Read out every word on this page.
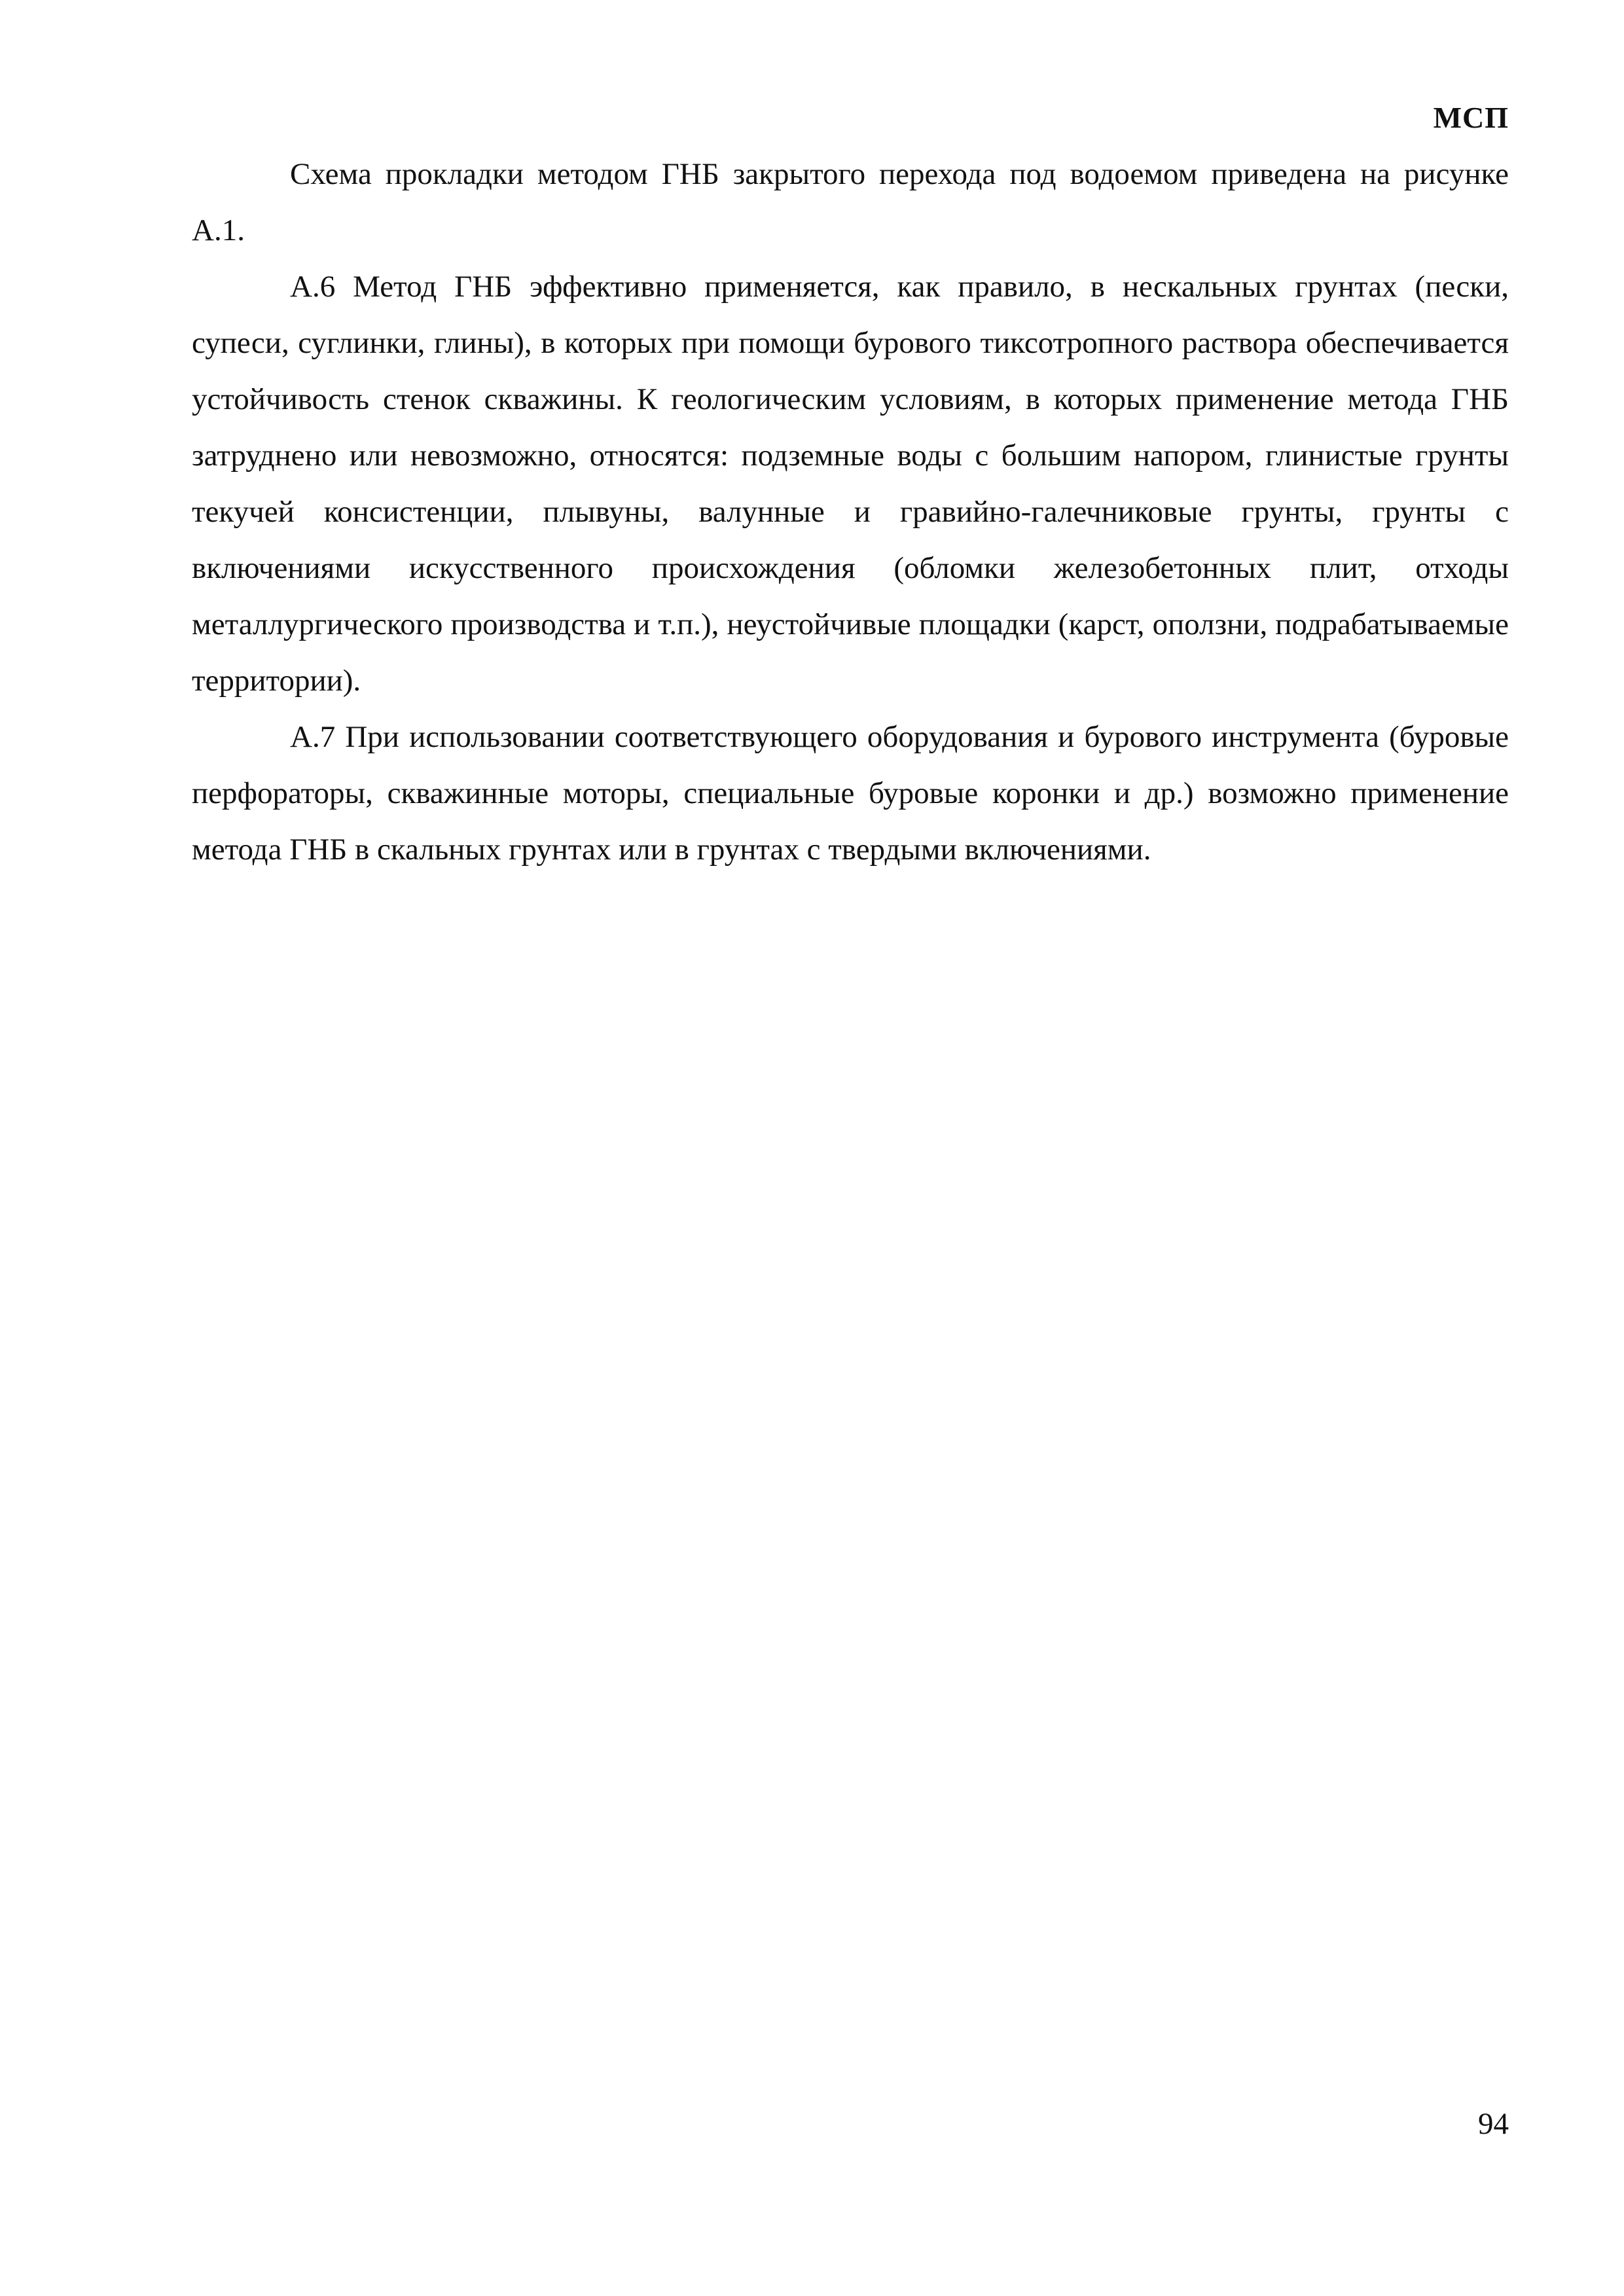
МСП

Схема прокладки методом ГНБ закрытого перехода под водоемом приведена на рисунке А.1.

А.6 Метод ГНБ эффективно применяется, как правило, в нескальных грунтах (пески, супеси, суглинки, глины), в которых при помощи бурового тиксотропного раствора обеспечивается устойчивость стенок скважины. К геологическим условиям, в которых применение метода ГНБ затруднено или невозможно, относятся: подземные воды с большим напором, глинистые грунты текучей консистенции, плывуны, валунные и гравийно-галечниковые грунты, грунты с включениями искусственного происхождения (обломки железобетонных плит, отходы металлургического производства и т.п.), неустойчивые площадки (карст, оползни, подрабатываемые территории).

А.7 При использовании соответствующего оборудования и бурового инструмента (буровые перфораторы, скважинные моторы, специальные буровые коронки и др.) возможно применение метода ГНБ в скальных грунтах или в грунтах с твердыми включениями.

94
